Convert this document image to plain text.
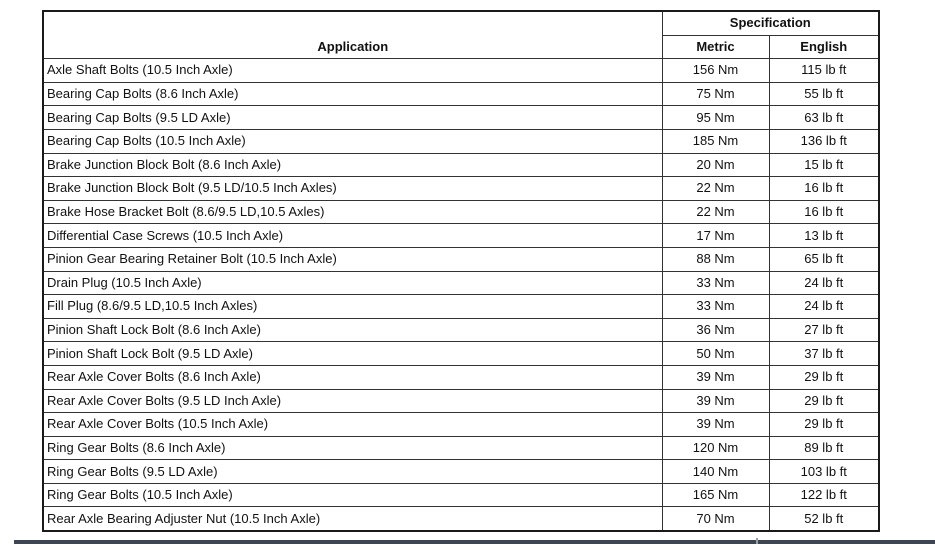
Application	Specification	
	Metric	English
Axle Shaft Bolts (10.5 Inch Axle)	156 Nm	115 lb ft
Bearing Cap Bolts (8.6 Inch Axle)	75 Nm	55 lb ft
Bearing Cap Bolts (9.5 LD Axle)	95 Nm	63 lb ft
Bearing Cap Bolts (10.5 Inch Axle)	185 Nm	136 lb ft
Brake Junction Block Bolt (8.6 Inch Axle)	20 Nm	15 lb ft
Brake Junction Block Bolt (9.5 LD/10.5 Inch Axles)	22 Nm	16 lb ft
Brake Hose Bracket Bolt (8.6/9.5 LD,10.5 Axles)	22 Nm	16 lb ft
Differential Case Screws (10.5 Inch Axle)	17 Nm	13 lb ft
Pinion Gear Bearing Retainer Bolt (10.5 Inch Axle)	88 Nm	65 lb ft
Drain Plug (10.5 Inch Axle)	33 Nm	24 lb ft
Fill Plug (8.6/9.5 LD,10.5 Inch Axles)	33 Nm	24 lb ft
Pinion Shaft Lock Bolt (8.6 Inch Axle)	36 Nm	27 lb ft
Pinion Shaft Lock Bolt (9.5 LD Axle)	50 Nm	37 lb ft
Rear Axle Cover Bolts (8.6 Inch Axle)	39 Nm	29 lb ft
Rear Axle Cover Bolts (9.5 LD Inch Axle)	39 Nm	29 lb ft
Rear Axle Cover Bolts (10.5 Inch Axle)	39 Nm	29 lb ft
Ring Gear Bolts (8.6 Inch Axle)	120 Nm	89 lb ft
Ring Gear Bolts (9.5 LD Axle)	140 Nm	103 lb ft
Ring Gear Bolts (10.5 Inch Axle)	165 Nm	122 lb ft
Rear Axle Bearing Adjuster Nut (10.5 Inch Axle)	70 Nm	52 lb ft
